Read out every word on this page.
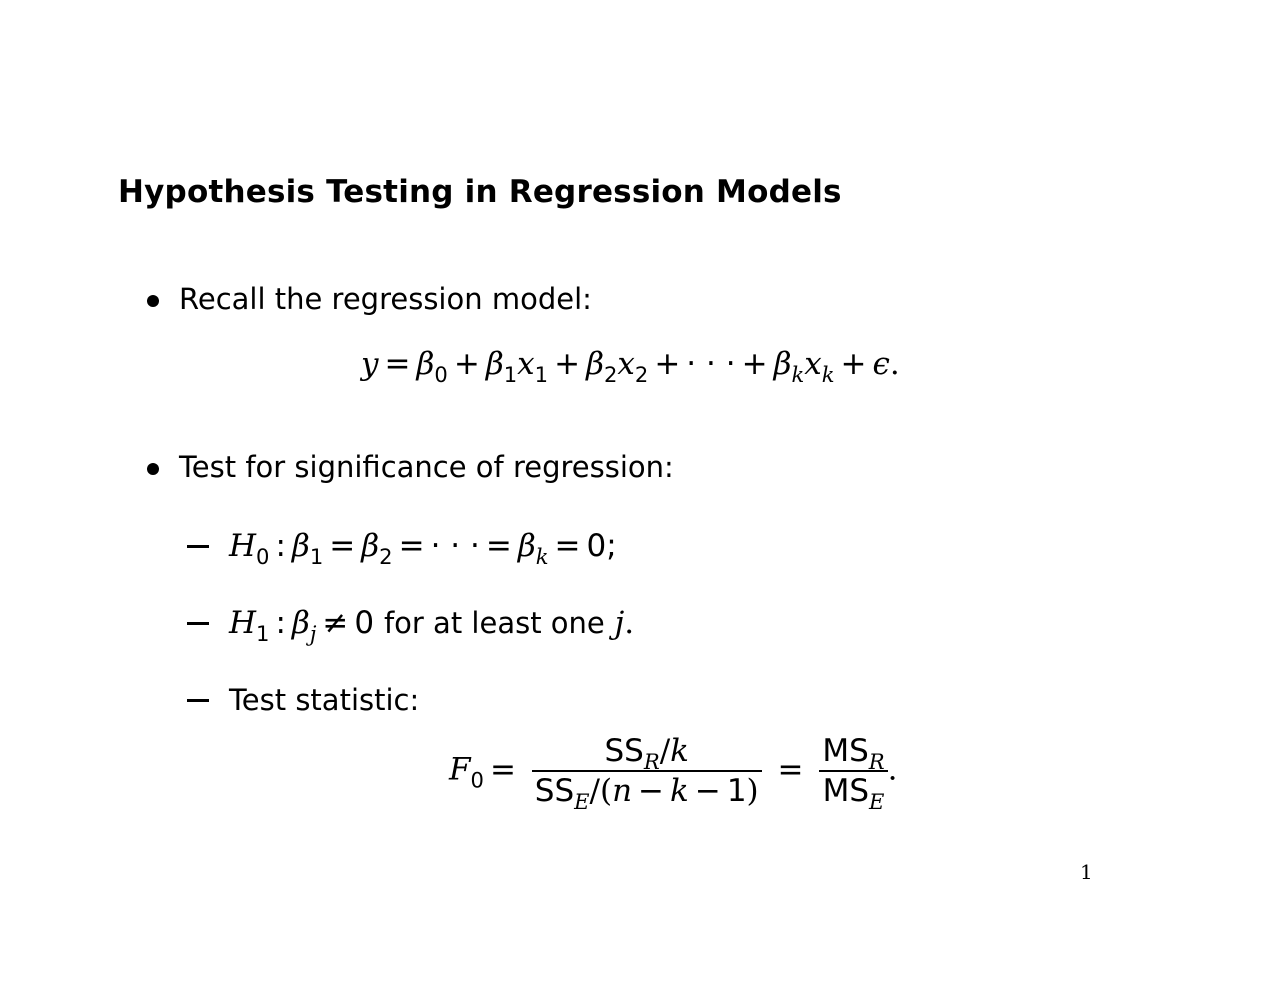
Hypothesis Testing in Regression Models
Recall the regression model:
$y = \beta_0 + \beta_1x_1 + \beta_2x_2$ + · · · + $\beta_kx_k + \epsilon$.
Test for significance of regression:
$H_0$ : $\beta_1 = \beta_2$ = · · · = $\beta_k = 0$;
$H_1$ : $\beta_j \ne 0$ for at least one j.
Test statistic:
$F_0 = \frac{SS_R/k}{SS_E/(n - k - 1)} = \frac{MS_R}{MS_E}$ .
1
